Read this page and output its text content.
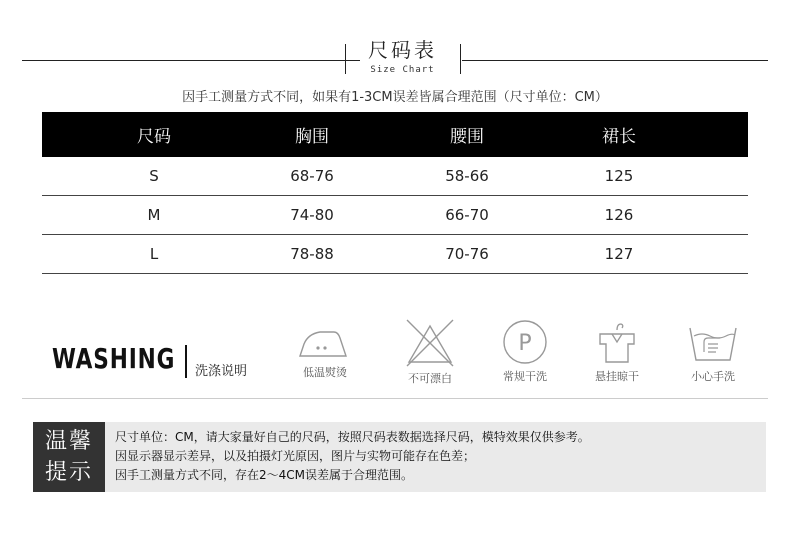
尺码表
Size Chart
因手工测量方式不同，如果有1-3CM误差皆属合理范围（尺寸单位：CM）
尺码	胸围	腰围	裙长
S	68-76	58-66	125
M	74-80	66-70	126
L	78-88	70-76	127
WASHING 洗涤说明	低温熨烫	不可漂白
P
常规干洗	悬挂晾干	小心手洗
温馨
提示
尺寸单位：CM，请大家量好自己的尺码，按照尺码表数据选择尺码，模特效果仅供参考。
因显示器显示差异，以及拍摄灯光原因，图片与实物可能存在色差；
因手工测量方式不同，存在2～4CM误差属于合理范围。
